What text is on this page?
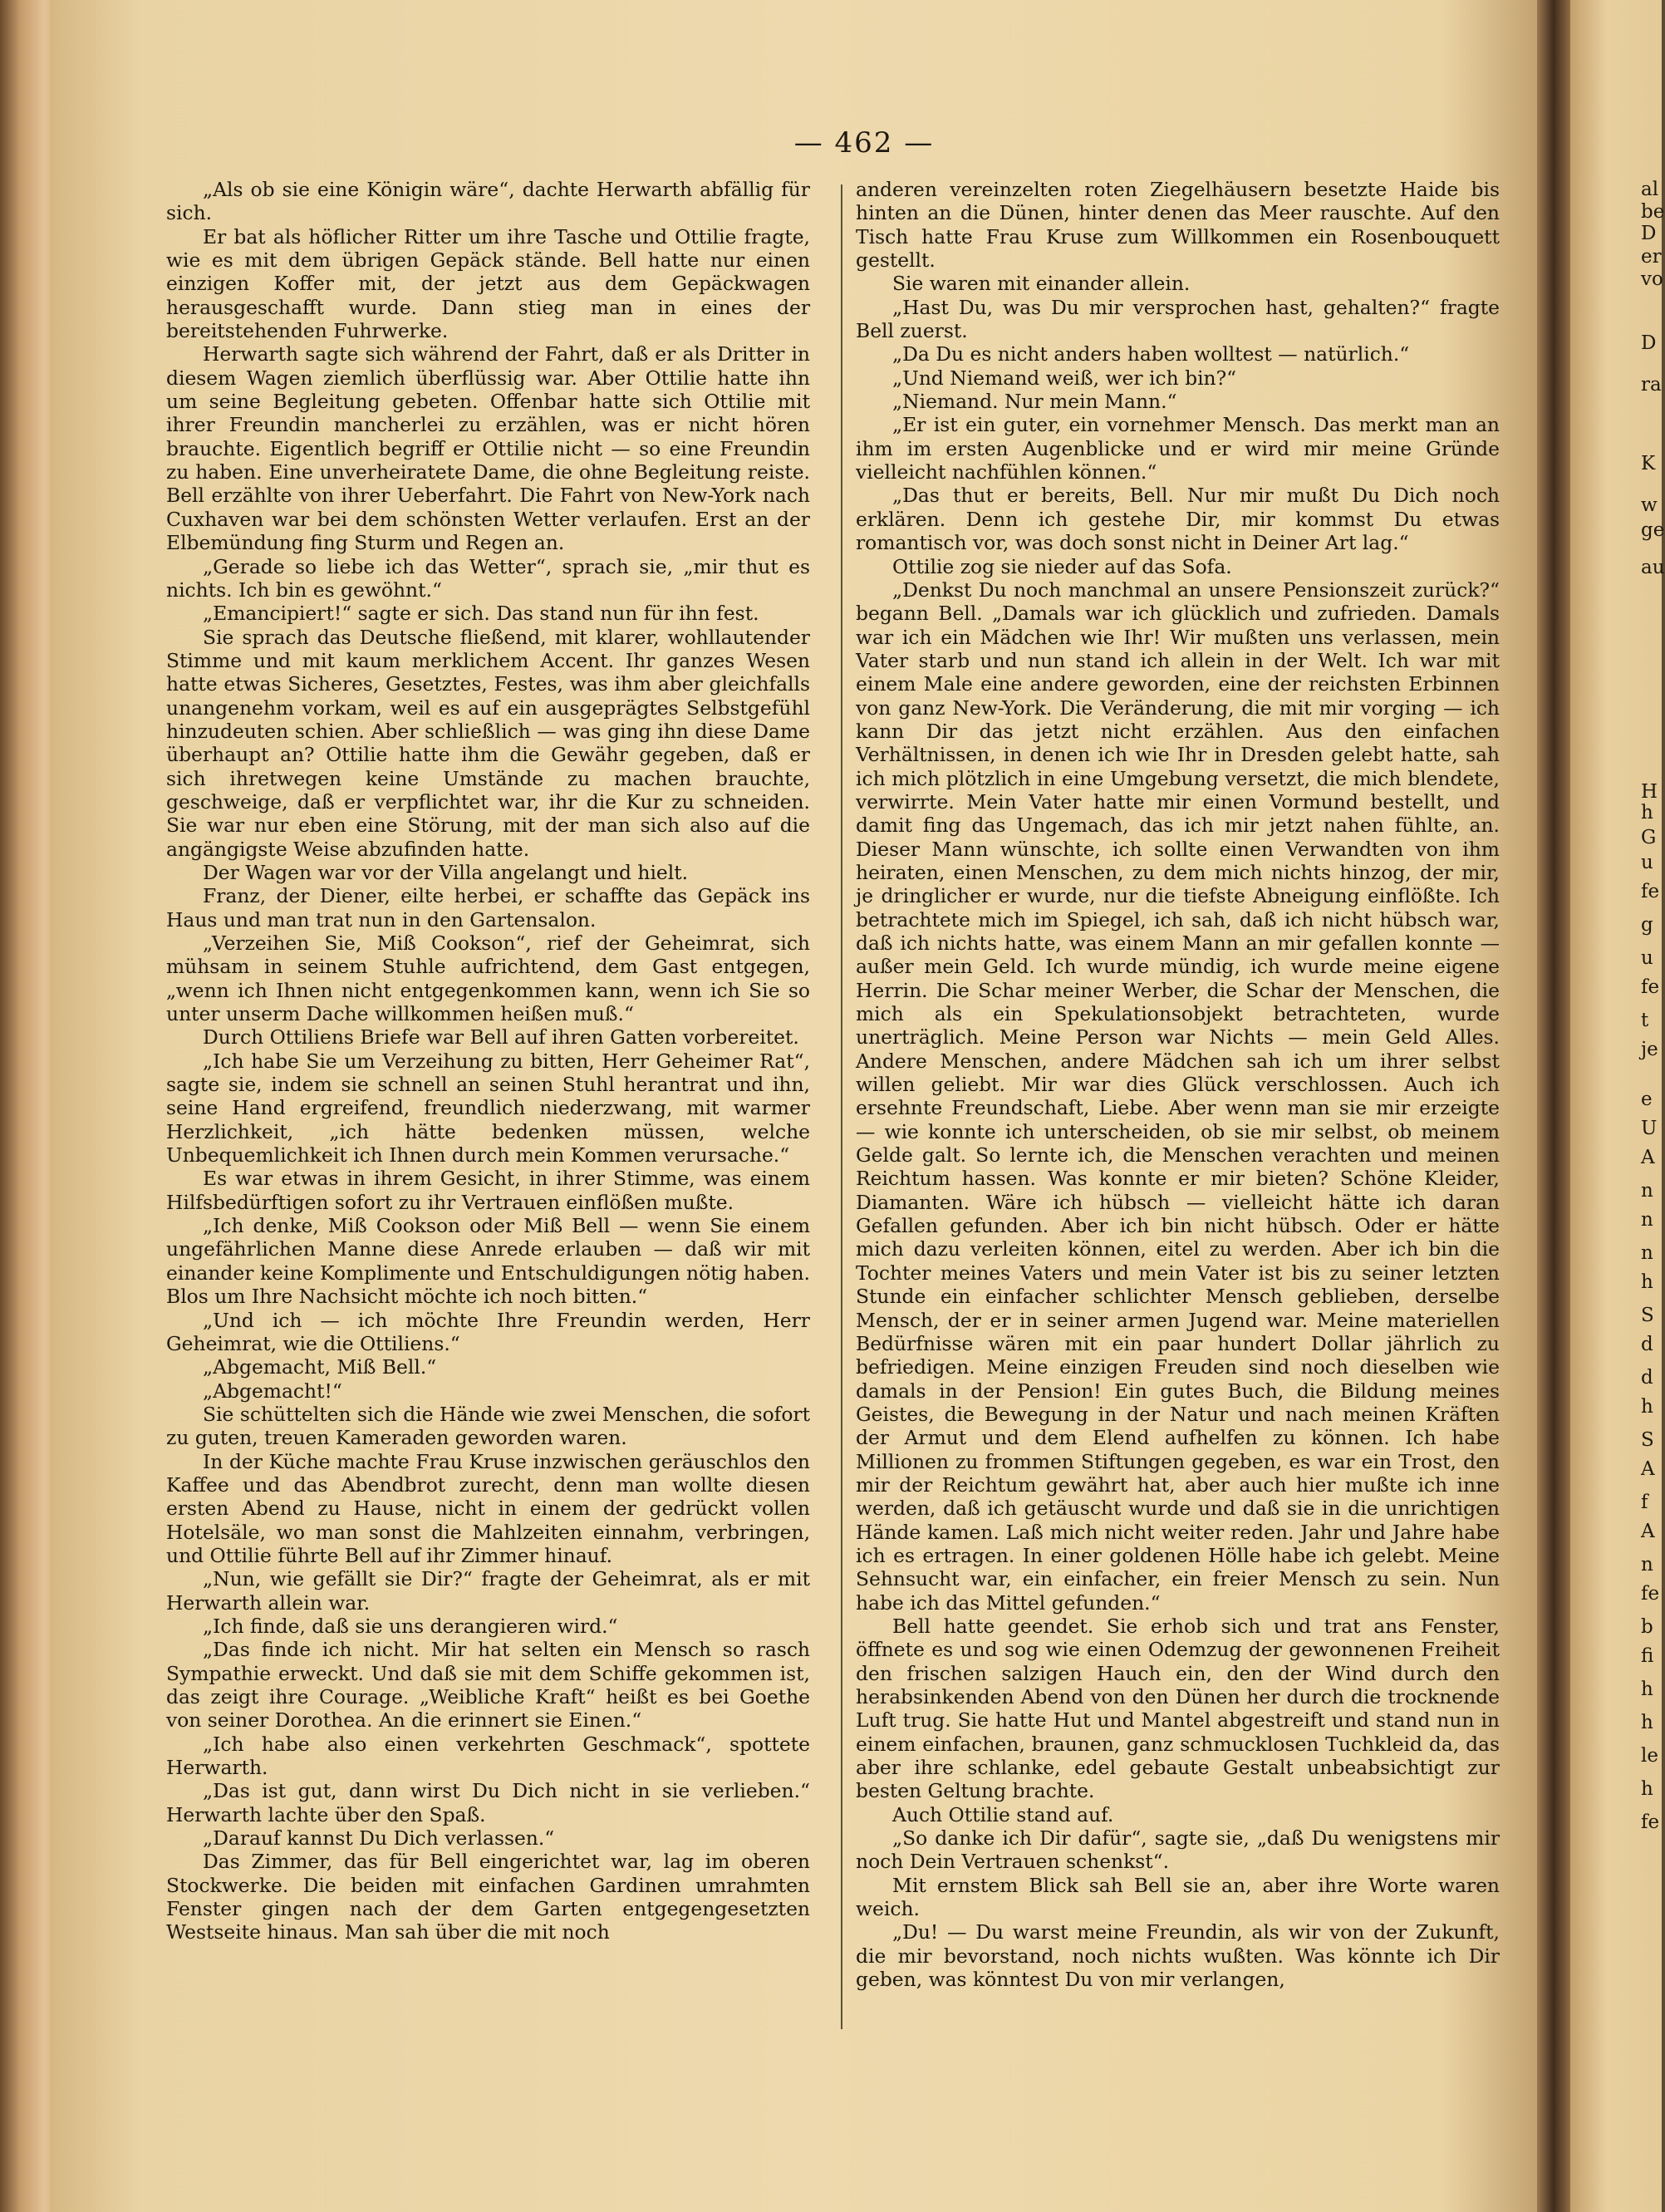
— 462 —

„Als ob sie eine Königin wäre“, dachte Herwarth abfällig für sich.

Er bat als höflicher Ritter um ihre Tasche und Ottilie fragte, wie es mit dem übrigen Gepäck stände. Bell hatte nur einen einzigen Koffer mit, der jetzt aus dem Gepäckwagen herausgeschafft wurde. Dann stieg man in eines der bereitstehenden Fuhrwerke.

Herwarth sagte sich während der Fahrt, daß er als Dritter in diesem Wagen ziemlich überflüssig war. Aber Ottilie hatte ihn um seine Begleitung gebeten. Offenbar hatte sich Ottilie mit ihrer Freundin mancherlei zu erzählen, was er nicht hören brauchte. Eigentlich begriff er Ottilie nicht — so eine Freundin zu haben. Eine unverheiratete Dame, die ohne Begleitung reiste. Bell erzählte von ihrer Ueberfahrt. Die Fahrt von New-York nach Cuxhaven war bei dem schönsten Wetter verlaufen. Erst an der Elbemündung fing Sturm und Regen an.

„Gerade so liebe ich das Wetter“, sprach sie, „mir thut es nichts. Ich bin es gewöhnt.“

„Emancipiert!“ sagte er sich. Das stand nun für ihn fest.

Sie sprach das Deutsche fließend, mit klarer, wohllautender Stimme und mit kaum merklichem Accent. Ihr ganzes Wesen hatte etwas Sicheres, Gesetztes, Festes, was ihm aber gleichfalls unangenehm vorkam, weil es auf ein ausgeprägtes Selbstgefühl hinzudeuten schien. Aber schließlich — was ging ihn diese Dame überhaupt an? Ottilie hatte ihm die Gewähr gegeben, daß er sich ihretwegen keine Umstände zu machen brauchte, geschweige, daß er verpflichtet war, ihr die Kur zu schneiden. Sie war nur eben eine Störung, mit der man sich also auf die angängigste Weise abzufinden hatte.

Der Wagen war vor der Villa angelangt und hielt.

Franz, der Diener, eilte herbei, er schaffte das Gepäck ins Haus und man trat nun in den Gartensalon.

„Verzeihen Sie, Miß Cookson“, rief der Geheimrat, sich mühsam in seinem Stuhle aufrichtend, dem Gast entgegen, „wenn ich Ihnen nicht entgegenkommen kann, wenn ich Sie so unter unserm Dache willkommen heißen muß.“

Durch Ottiliens Briefe war Bell auf ihren Gatten vorbereitet.

„Ich habe Sie um Verzeihung zu bitten, Herr Geheimer Rat“, sagte sie, indem sie schnell an seinen Stuhl herantrat und ihn, seine Hand ergreifend, freundlich niederzwang, mit warmer Herzlichkeit, „ich hätte bedenken müssen, welche Unbequemlichkeit ich Ihnen durch mein Kommen verursache.“

Es war etwas in ihrem Gesicht, in ihrer Stimme, was einem Hilfsbedürftigen sofort zu ihr Vertrauen einflößen mußte.

„Ich denke, Miß Cookson oder Miß Bell — wenn Sie einem ungefährlichen Manne diese Anrede erlauben — daß wir mit einander keine Komplimente und Entschuldigungen nötig haben. Blos um Ihre Nachsicht möchte ich noch bitten.“

„Und ich — ich möchte Ihre Freundin werden, Herr Geheimrat, wie die Ottiliens.“

„Abgemacht, Miß Bell.“

„Abgemacht!“

Sie schüttelten sich die Hände wie zwei Menschen, die sofort zu guten, treuen Kameraden geworden waren.

In der Küche machte Frau Kruse inzwischen geräuschlos den Kaffee und das Abendbrot zurecht, denn man wollte diesen ersten Abend zu Hause, nicht in einem der gedrückt vollen Hotelsäle, wo man sonst die Mahlzeiten einnahm, verbringen, und Ottilie führte Bell auf ihr Zimmer hinauf.

„Nun, wie gefällt sie Dir?“ fragte der Geheimrat, als er mit Herwarth allein war.

„Ich finde, daß sie uns derangieren wird.“

„Das finde ich nicht. Mir hat selten ein Mensch so rasch Sympathie erweckt. Und daß sie mit dem Schiffe gekommen ist, das zeigt ihre Courage. „Weibliche Kraft“ heißt es bei Goethe von seiner Dorothea. An die erinnert sie Einen.“

„Ich habe also einen verkehrten Geschmack“, spottete Herwarth.

„Das ist gut, dann wirst Du Dich nicht in sie verlieben.“ Herwarth lachte über den Spaß.

„Darauf kannst Du Dich verlassen.“

Das Zimmer, das für Bell eingerichtet war, lag im oberen Stockwerke. Die beiden mit einfachen Gardinen umrahmten Fenster gingen nach der dem Garten entgegengesetzten Westseite hinaus. Man sah über die mit noch

anderen vereinzelten roten Ziegelhäusern besetzte Haide bis hinten an die Dünen, hinter denen das Meer rauschte. Auf den Tisch hatte Frau Kruse zum Willkommen ein Rosenbouquett gestellt.

Sie waren mit einander allein.

„Hast Du, was Du mir versprochen hast, gehalten?“ fragte Bell zuerst.

„Da Du es nicht anders haben wolltest — natürlich.“

„Und Niemand weiß, wer ich bin?“

„Niemand. Nur mein Mann.“

„Er ist ein guter, ein vornehmer Mensch. Das merkt man an ihm im ersten Augenblicke und er wird mir meine Gründe vielleicht nachfühlen können.“

„Das thut er bereits, Bell. Nur mir mußt Du Dich noch erklären. Denn ich gestehe Dir, mir kommst Du etwas romantisch vor, was doch sonst nicht in Deiner Art lag.“

Ottilie zog sie nieder auf das Sofa.

„Denkst Du noch manchmal an unsere Pensionszeit zurück?“ begann Bell. „Damals war ich glücklich und zufrieden. Damals war ich ein Mädchen wie Ihr! Wir mußten uns verlassen, mein Vater starb und nun stand ich allein in der Welt. Ich war mit einem Male eine andere geworden, eine der reichsten Erbinnen von ganz New-York. Die Veränderung, die mit mir vorging — ich kann Dir das jetzt nicht erzählen. Aus den einfachen Verhältnissen, in denen ich wie Ihr in Dresden gelebt hatte, sah ich mich plötzlich in eine Umgebung versetzt, die mich blendete, verwirrte. Mein Vater hatte mir einen Vormund bestellt, und damit fing das Ungemach, das ich mir jetzt nahen fühlte, an. Dieser Mann wünschte, ich sollte einen Verwandten von ihm heiraten, einen Menschen, zu dem mich nichts hinzog, der mir, je dringlicher er wurde, nur die tiefste Abneigung einflößte. Ich betrachtete mich im Spiegel, ich sah, daß ich nicht hübsch war, daß ich nichts hatte, was einem Mann an mir gefallen konnte — außer mein Geld. Ich wurde mündig, ich wurde meine eigene Herrin. Die Schar meiner Werber, die Schar der Menschen, die mich als ein Spekulationsobjekt betrachteten, wurde unerträglich. Meine Person war Nichts — mein Geld Alles. Andere Menschen, andere Mädchen sah ich um ihrer selbst willen geliebt. Mir war dies Glück verschlossen. Auch ich ersehnte Freundschaft, Liebe. Aber wenn man sie mir erzeigte — wie konnte ich unterscheiden, ob sie mir selbst, ob meinem Gelde galt. So lernte ich, die Menschen verachten und meinen Reichtum hassen. Was konnte er mir bieten? Schöne Kleider, Diamanten. Wäre ich hübsch — vielleicht hätte ich daran Gefallen gefunden. Aber ich bin nicht hübsch. Oder er hätte mich dazu verleiten können, eitel zu werden. Aber ich bin die Tochter meines Vaters und mein Vater ist bis zu seiner letzten Stunde ein einfacher schlichter Mensch geblieben, derselbe Mensch, der er in seiner armen Jugend war. Meine materiellen Bedürfnisse wären mit ein paar hundert Dollar jährlich zu befriedigen. Meine einzigen Freuden sind noch dieselben wie damals in der Pension! Ein gutes Buch, die Bildung meines Geistes, die Bewegung in der Natur und nach meinen Kräften der Armut und dem Elend aufhelfen zu können. Ich habe Millionen zu frommen Stiftungen gegeben, es war ein Trost, den mir der Reichtum gewährt hat, aber auch hier mußte ich inne werden, daß ich getäuscht wurde und daß sie in die unrichtigen Hände kamen. Laß mich nicht weiter reden. Jahr und Jahre habe ich es ertragen. In einer goldenen Hölle habe ich gelebt. Meine Sehnsucht war, ein einfacher, ein freier Mensch zu sein. Nun habe ich das Mittel gefunden.“

Bell hatte geendet. Sie erhob sich und trat ans Fenster, öffnete es und sog wie einen Odemzug der gewonnenen Freiheit den frischen salzigen Hauch ein, den der Wind durch den herabsinkenden Abend von den Dünen her durch die trocknende Luft trug. Sie hatte Hut und Mantel abgestreift und stand nun in einem einfachen, braunen, ganz schmucklosen Tuchkleid da, das aber ihre schlanke, edel gebaute Gestalt unbeabsichtigt zur besten Geltung brachte.

Auch Ottilie stand auf.

„So danke ich Dir dafür“, sagte sie, „daß Du wenigstens mir noch Dein Vertrauen schenkst“.

Mit ernstem Blick sah Bell sie an, aber ihre Worte waren weich.

„Du! — Du warst meine Freundin, als wir von der Zukunft, die mir bevorstand, noch nichts wußten. Was könnte ich Dir geben, was könntest Du von mir verlangen,

al
be
D
er
vo
D
ra
K
w
ge
au
H
h
G
u
fe
g
u
fe
t
je
e
U
A
n
n
n
h
S
d
d
h
S
A
f
A
n
fe
b
fi
h
h
le
h
fe
